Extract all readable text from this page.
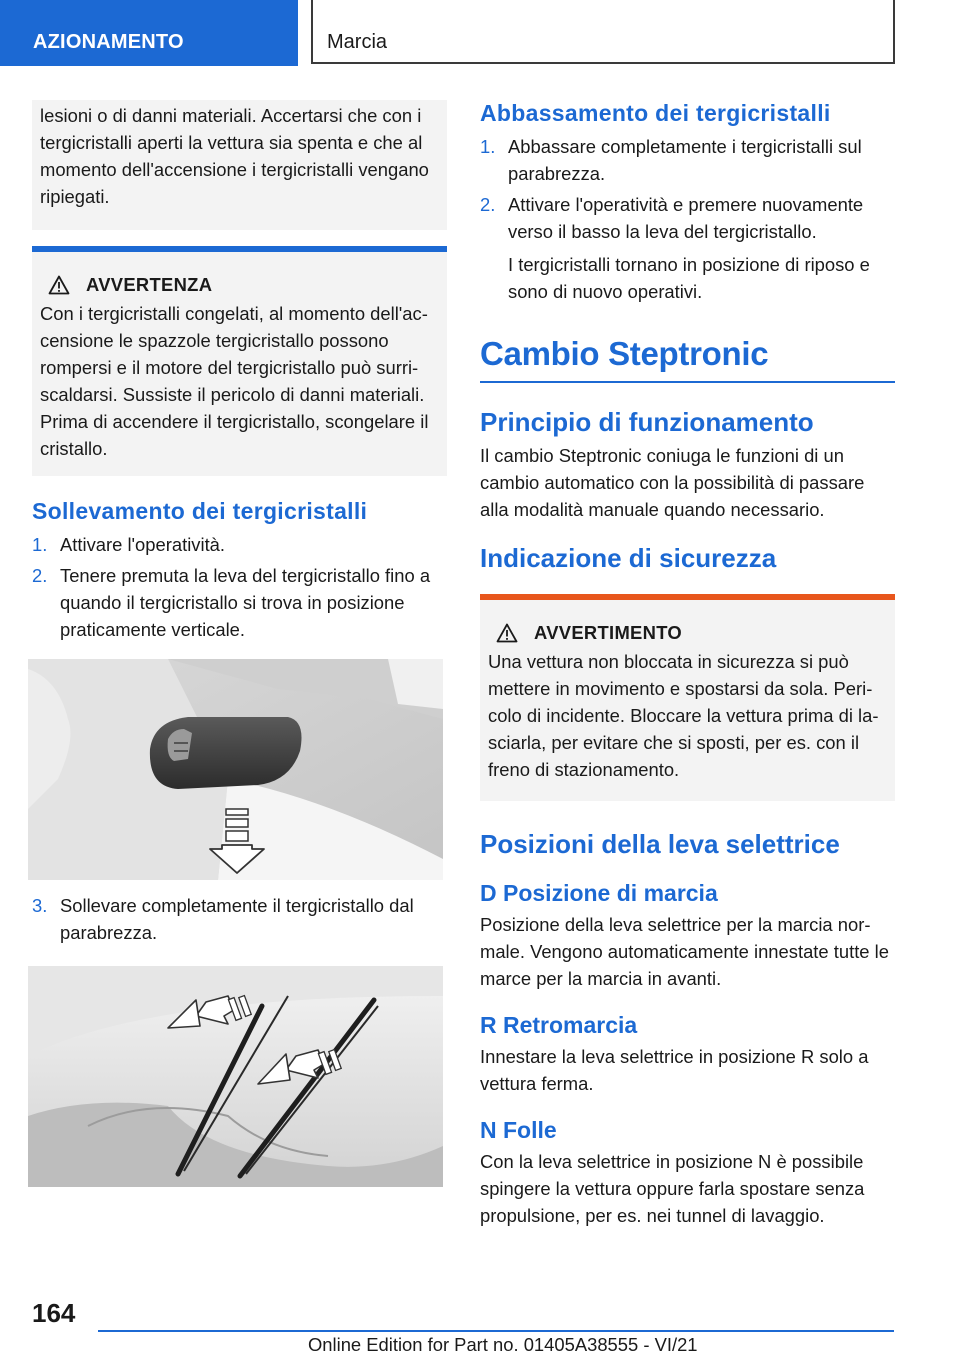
AZIONAMENTO	Marcia

lesioni o di danni materiali. Accertarsi che con i tergicristalli aperti la vettura sia spenta e che al momento dell'accensione i tergicristalli vengano ripiegati.

AVVERTENZA

Con i tergicristalli congelati, al momento dell'accensione le spazzole tergicristallo possono rompersi e il motore del tergicristallo può surriscaldarsi. Sussiste il pericolo di danni materiali. Prima di accendere il tergicristallo, scongelare il cristallo.

Sollevamento dei tergicristalli
1. Attivare l'operatività.
2. Tenere premuta la leva del tergicristallo fino a quando il tergicristallo si trova in posizione praticamente verticale.
3. Sollevare completamente il tergicristallo dal parabrezza.
Abbassamento dei tergicristalli
1. Abbassare completamente i tergicristalli sul parabrezza.
2. Attivare l'operatività e premere nuovamente verso il basso la leva del tergicristallo.
I tergicristalli tornano in posizione di riposo e sono di nuovo operativi.
Cambio Steptronic
Principio di funzionamento

Il cambio Steptronic coniuga le funzioni di un cambio automatico con la possibilità di passare alla modalità manuale quando necessario.

Indicazione di sicurezza
AVVERTIMENTO

Una vettura non bloccata in sicurezza si può mettere in movimento e spostarsi da sola. Pericolo di incidente. Bloccare la vettura prima di lasciarla, per evitare che si sposti, per es. con il freno di stazionamento.

Posizioni della leva selettrice
D Posizione di marcia

Posizione della leva selettrice per la marcia normale. Vengono automaticamente innestate tutte le marce per la marcia in avanti.

R Retromarcia

Innestare la leva selettrice in posizione R solo a vettura ferma.

N Folle

Con la leva selettrice in posizione N è possibile spingere la vettura oppure farla spostare senza propulsione, per es. nei tunnel di lavaggio.

164
Online Edition for Part no. 01405A38555 - VI/21
